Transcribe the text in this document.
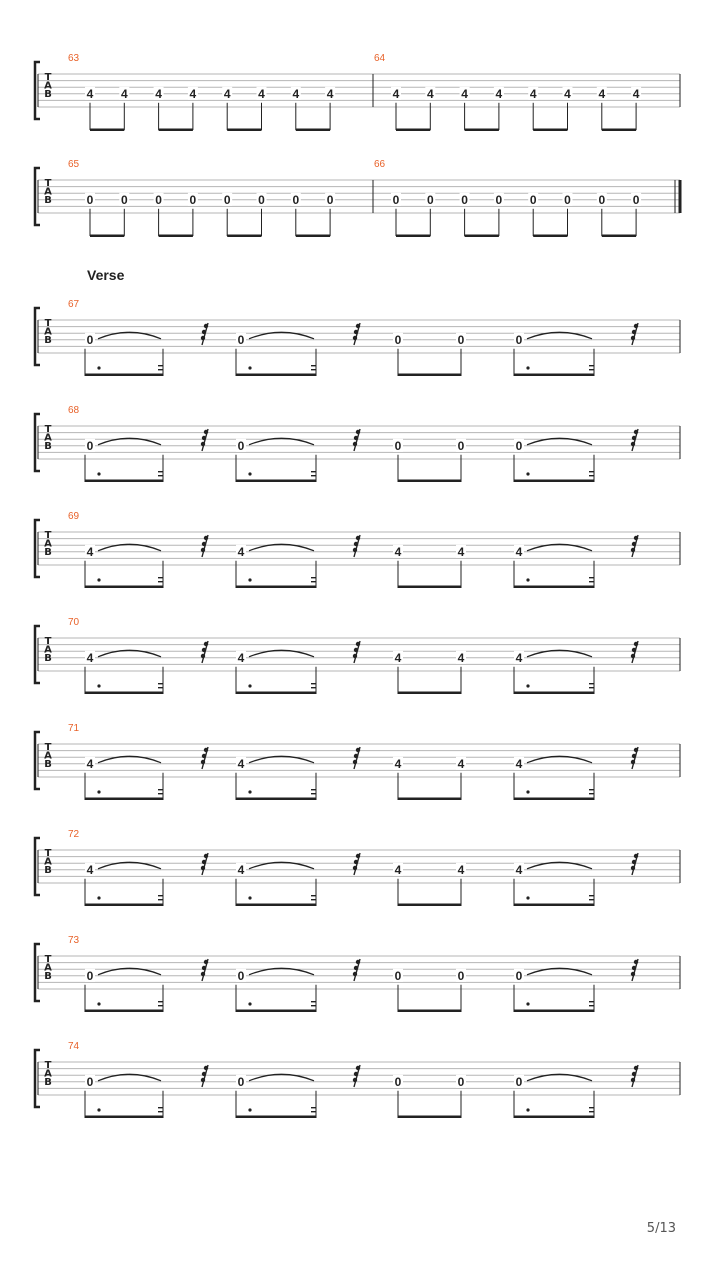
T
A
B
63
4 4 4 4 4 4 4 4
64
4 4 4 4 4 4 4 4
T
A
B
65
0 0 0 0 0 0 0 0
66
0 0 0 0 0 0 0 0
T
A
B
Verse
67
0	0	0	0	0
T
A
B
68
0	0	0	0	0
T
A
B
69
4	4	4	4	4
T
A
B
70
4	4	4	4	4
T
A
B
71
4	4	4	4	4
T
A
B
72
4	4	4	4	4
T
A
B
73
0	0	0	0	0
T
A
B
74
0	0	0	0	0
5/13
